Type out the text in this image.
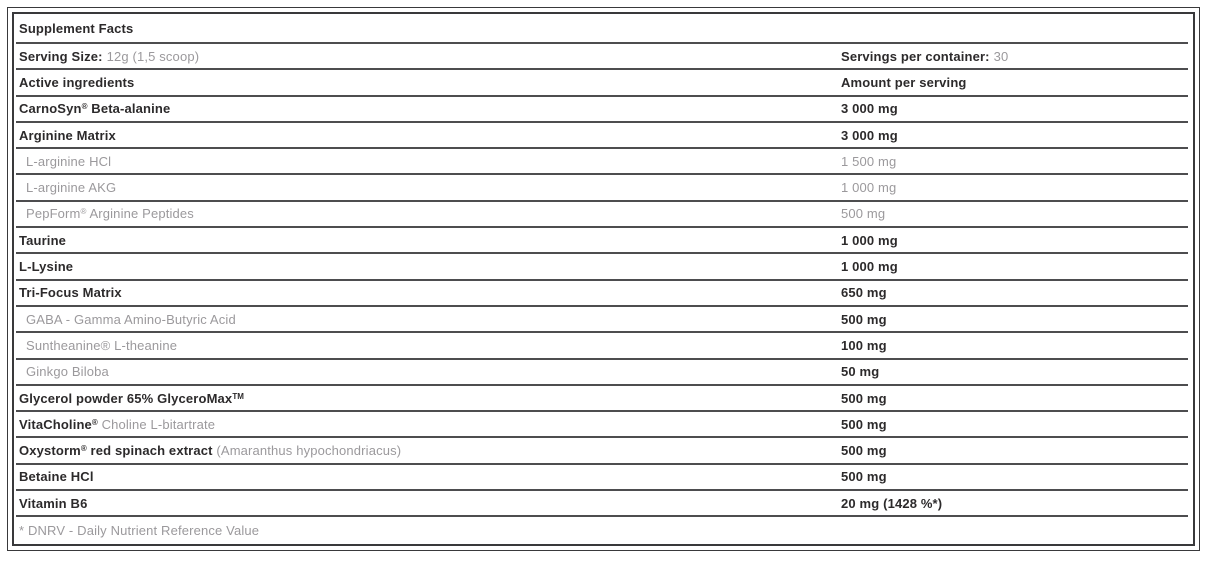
Supplement Facts
Serving Size: 12g (1,5 scoop)	Servings per container: 30
Active ingredients	Amount per serving
CarnoSyn® Beta-alanine	3 000 mg
Arginine Matrix	3 000 mg
L-arginine HCl	1 500 mg
L-arginine AKG	1 000 mg
PepForm® Arginine Peptides	500 mg
Taurine	1 000 mg
L-Lysine	1 000 mg
Tri-Focus Matrix	650 mg
GABA - Gamma Amino-Butyric Acid	500 mg
Suntheanine® L-theanine	100 mg
Ginkgo Biloba	50 mg
Glycerol powder 65% GlyceroMax™	500 mg
VitaCholine® Choline L-bitartrate	500 mg
Oxystorm® red spinach extract (Amaranthus hypochondriacus)	500 mg
Betaine HCl	500 mg
Vitamin B6	20 mg (1428 %*)
* DNRV - Daily Nutrient Reference Value
